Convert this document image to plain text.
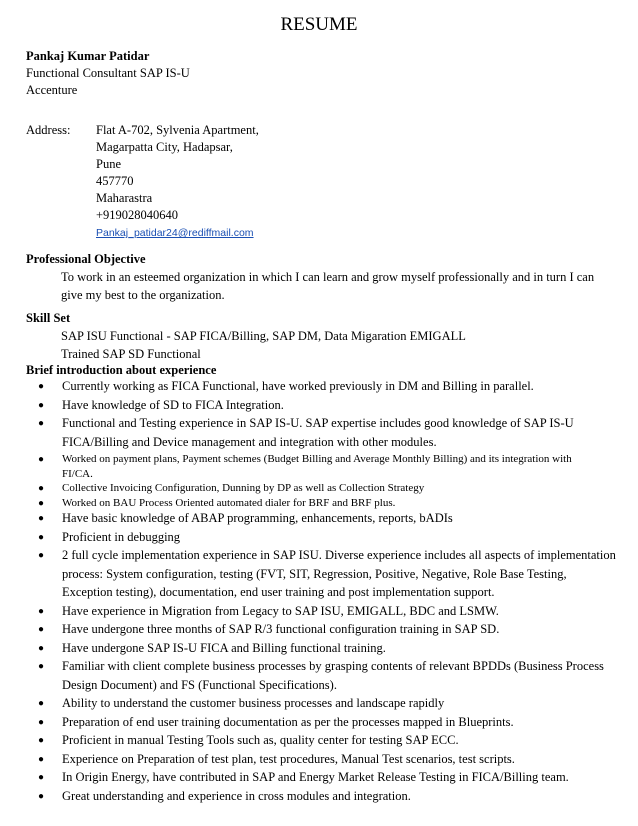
RESUME
Pankaj Kumar Patidar
Functional Consultant SAP IS-U
Accenture
Address: Flat A-702, Sylvenia Apartment,
Magarpatta City, Hadapsar,
Pune
457770
Maharastra
+919028040640
Pankaj_patidar24@rediffmail.com
Professional Objective
To work in an esteemed organization in which I can learn and grow myself professionally and in turn I can
give my best to the organization.
Skill Set
SAP ISU Functional - SAP FICA/Billing, SAP DM, Data Migaration EMIGALL
Trained SAP SD Functional
Brief introduction about experience
● Currently working as FICA Functional, have worked previously in DM and Billing in parallel.
● Have knowledge of SD to FICA Integration.
● Functional and Testing experience in SAP IS-U. SAP expertise includes good knowledge of SAP IS-U
FICA/Billing and Device management and integration with other modules.
● Worked on payment plans, Payment schemes (Budget Billing and Average Monthly Billing) and its integration with
FI/CA.
● Collective Invoicing Configuration, Dunning by DP as well as Collection Strategy
● Worked on BAU Process Oriented automated dialer for BRF and BRF plus.
● Have basic knowledge of ABAP programming, enhancements, reports, bADIs
● Proficient in debugging
● 2 full cycle implementation experience in SAP ISU. Diverse experience includes all aspects of implementation
process: System configuration, testing (FVT, SIT, Regression, Positive, Negative, Role Base Testing,
Exception testing), documentation, end user training and post implementation support.
● Have experience in Migration from Legacy to SAP ISU, EMIGALL, BDC and LSMW.
● Have undergone three months of SAP R/3 functional configuration training in SAP SD.
● Have undergone SAP IS-U FICA and Billing functional training.
● Familiar with client complete business processes by grasping contents of relevant BPDDs (Business Process
Design Document) and FS (Functional Specifications).
● Ability to understand the customer business processes and landscape rapidly
● Preparation of end user training documentation as per the processes mapped in Blueprints.
● Proficient in manual Testing Tools such as, quality center for testing SAP ECC.
● Experience on Preparation of test plan, test procedures, Manual Test scenarios, test scripts.
● In Origin Energy, have contributed in SAP and Energy Market Release Testing in FICA/Billing team.
● Great understanding and experience in cross modules and integration.
